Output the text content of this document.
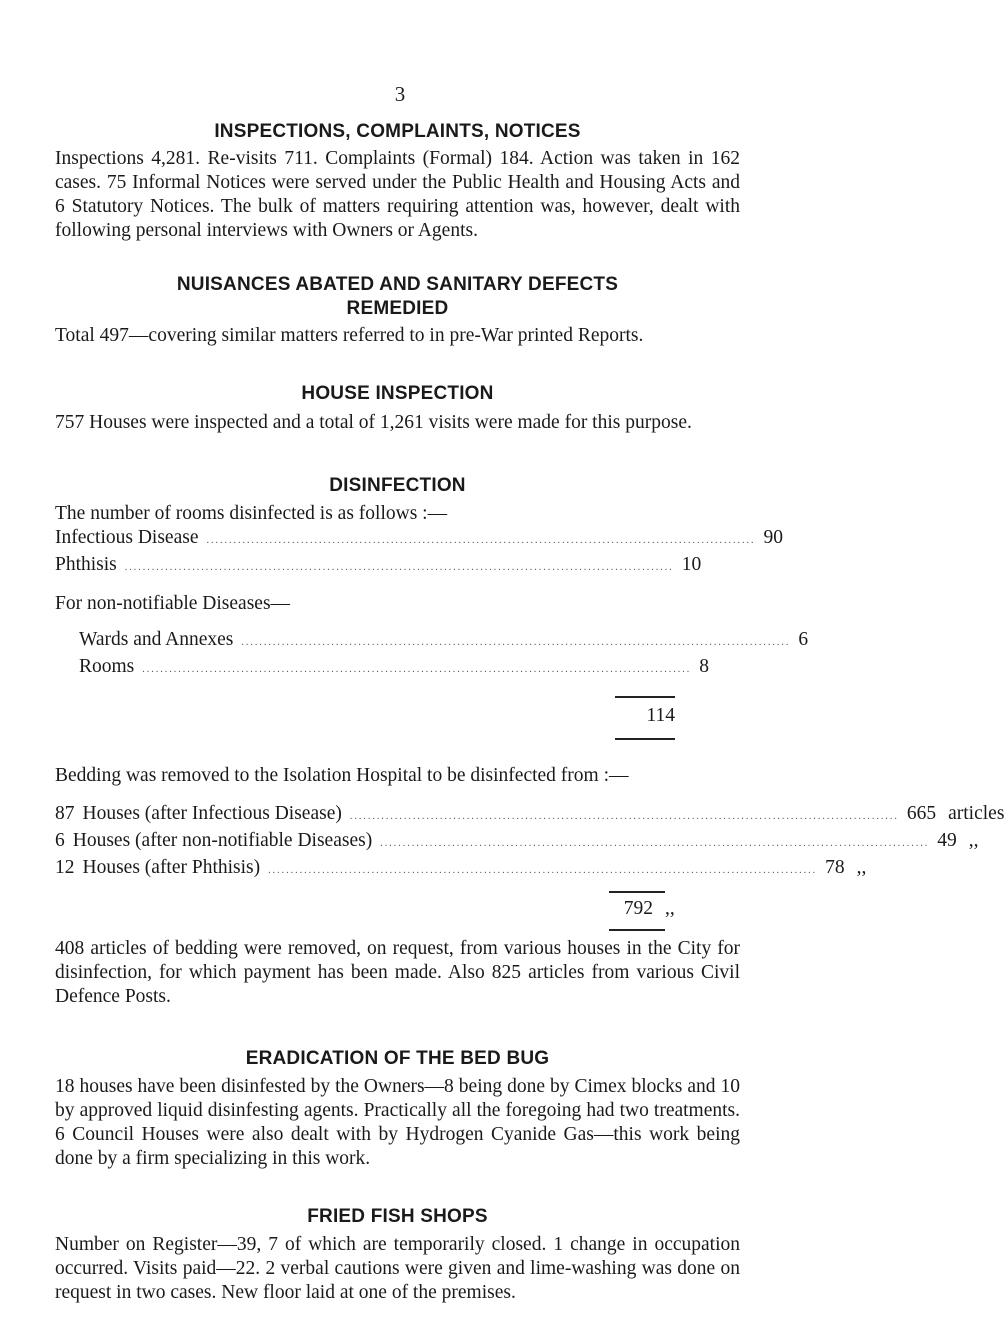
3
INSPECTIONS, COMPLAINTS, NOTICES

Inspections 4,281. Re-visits 711. Complaints (Formal) 184. Action was taken in 162 cases. 75 Informal Notices were served under the Public Health and Housing Acts and 6 Statutory Notices. The bulk of matters requiring attention was, however, dealt with following personal interviews with Owners or Agents.

NUISANCES ABATED AND SANITARY DEFECTS
REMEDIED

Total 497—covering similar matters referred to in pre-War printed Reports.

HOUSE INSPECTION

757 Houses were inspected and a total of 1,261 visits were made for this purpose.

DISINFECTION

The number of rooms disinfected is as follows :—

Infectious Disease .......................................................................................................................... 90
Phthisis .......................................................................................................................... 10
For non-notifiable Diseases—
Wards and Annexes .......................................................................................................................... 6
Rooms .......................................................................................................................... 8
114

Bedding was removed to the Isolation Hospital to be disinfected from :—

87 Houses (after Infectious Disease) .......................................................................................................................... 665 articles
6 Houses (after non-notifiable Diseases) .......................................................................................................................... 49 ,,
12 Houses (after Phthisis) .......................................................................................................................... 78 ,,
792 ,,

408 articles of bedding were removed, on request, from various houses in the City for disinfection, for which payment has been made. Also 825 articles from various Civil Defence Posts.

ERADICATION OF THE BED BUG

18 houses have been disinfested by the Owners—8 being done by Cimex blocks and 10 by approved liquid disinfesting agents. Practically all the foregoing had two treatments. 6 Council Houses were also dealt with by Hydrogen Cyanide Gas—this work being done by a firm specializing in this work.

FRIED FISH SHOPS

Number on Register—39, 7 of which are temporarily closed. 1 change in occupation occurred. Visits paid—22. 2 verbal cautions were given and lime-washing was done on request in two cases. New floor laid at one of the premises.
